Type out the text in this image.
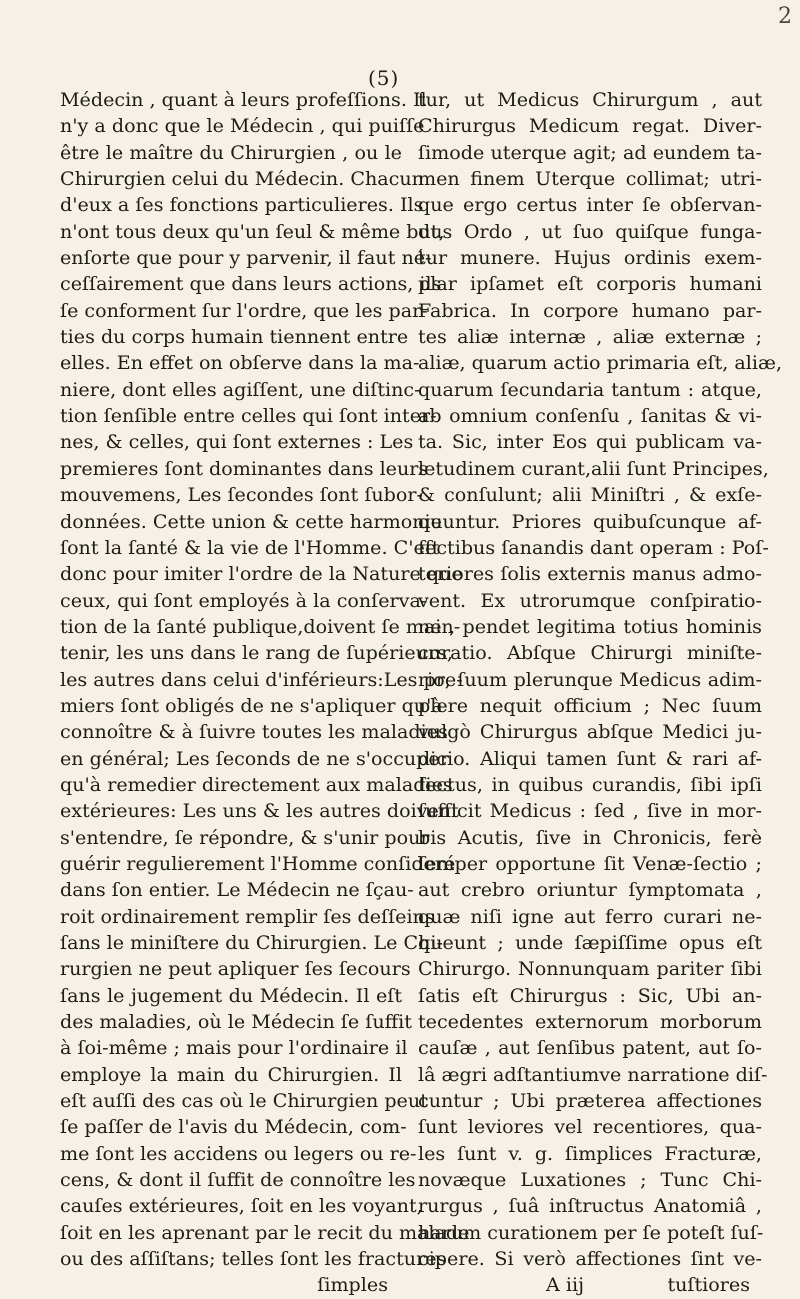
(5)
2
Médecin , quant à leurs profeſſions. Il
n'y a donc que le Médecin , qui puiſſe
être le maître du Chirurgien , ou le
Chirurgien celui du Médecin. Chacun
d'eux a ſes fonctions particulieres. Ils
n'ont tous deux qu'un ſeul & même but,
enſorte que pour y parvenir, il faut né-
ceſſairement que dans leurs actions, ils
ſe conforment ſur l'ordre, que les par-
ties du corps humain tiennent entre
elles. En effet on obſerve dans la ma-
niere, dont elles agiſſent, une diſtinc-
tion ſenſible entre celles qui ſont inter-
nes, & celles, qui ſont externes : Les
premieres ſont dominantes dans leurs
mouvemens, Les ſecondes ſont ſubor-
données. Cette union & cette harmonie
ſont la ſanté & la vie de l'Homme. C'eſt
donc pour imiter l'ordre de la Nature que
ceux, qui ſont employés à la conſerva-
tion de la ſanté publique,doivent ſe main-
tenir, les uns dans le rang de ſupérieurs,
les autres dans celui d'inférieurs:Les pre-
miers ſont obligés de ne s'apliquer qu'à
connoître & à ſuivre toutes les maladies
en général; Les ſeconds de ne s'occuper
qu'à remedier directement aux maladies
extérieures: Les uns & les autres doivent
s'entendre, ſe répondre, & s'unir pour
guérir regulierement l'Homme conſideré
dans ſon entier. Le Médecin ne ſçau-
roit ordinairement remplir ſes deſſeins
ſans le miniſtere du Chirurgien. Le Chi-
rurgien ne peut apliquer ſes ſecours
ſans le jugement du Médecin. Il eſt
des maladies, où le Médecin ſe ſuffit
à ſoi-même ; mais pour l'ordinaire il
employe la main du Chirurgien. Il
eſt auſſi des cas où le Chirurgien peut
ſe paſſer de l'avis du Médecin, com-
me ſont les accidens ou legers ou re-
cens, & dont il ſuffit de connoître les
cauſes extérieures, ſoit en les voyant,
ſoit en les aprenant par le recit du malade
ou des aſſiſtans; telles ſont les fractures
ſimples
tur, ut Medicus Chirurgum , aut
Chirurgus Medicum regat. Diver-
ſimode uterque agit; ad eundem ta-
men finem Uterque collimat; utri-
que ergo certus inter ſe obſervan-
dus Ordo , ut ſuo quiſque funga-
tur munere. Hujus ordinis exem-
plar ipſamet eſt corporis humani
Fabrica. In corpore humano par-
tes aliæ internæ , aliæ externæ ;
aliæ, quarum actio primaria eſt, aliæ,
quarum ſecundaria tantum : atque,
ab omnium conſenſu , ſanitas & vi-
ta. Sic, inter Eos qui publicam va-
letudinem curant,alii ſunt Principes,
& conſulunt; alii Miniſtri , & exſe-
quuntur. Priores quibuſcunque af-
fectibus ſanandis dant operam : Poſ-
teriores ſolis externis manus admo-
vent. Ex utrorumque conſpiratio-
ne , pendet legitima totius hominis
curatio. Abſque Chirurgi miniſte-
rio, ſuum plerunque Medicus adim-
plere nequit officium ; Nec ſuum
vulgò Chirurgus abſque Medici ju-
dicio. Aliqui tamen ſunt & rari af-
fectus, in quibus curandis, ſibi ipſi
ſufficit Medicus : ſed , ſive in mor-
bis Acutis, ſive in Chronicis, ferè
ſemper opportune ſit Venæ-ſectio ;
aut crebro oriuntur ſymptomata ,
quæ niſi igne aut ferro curari ne-
queunt ; unde ſæpiſſime opus eſt
Chirurgo. Nonnunquam pariter ſibi
ſatis eſt Chirurgus : Sic, Ubi an-
tecedentes externorum morborum
cauſæ , aut ſenſibus patent, aut ſo-
lâ ægri adſtantiumve narratione diſ-
cuntur ; Ubi præterea affectiones
ſunt leviores vel recentiores, qua-
les ſunt v. g. ſimplices Fracturæ,
novæque Luxationes ; Tunc Chi-
rurgus , ſuâ inſtructus Anatomiâ ,
harum curationem per ſe poteſt ſuſ-
cipere. Si verò affectiones ſint ve-
A iij	tuſtiores
